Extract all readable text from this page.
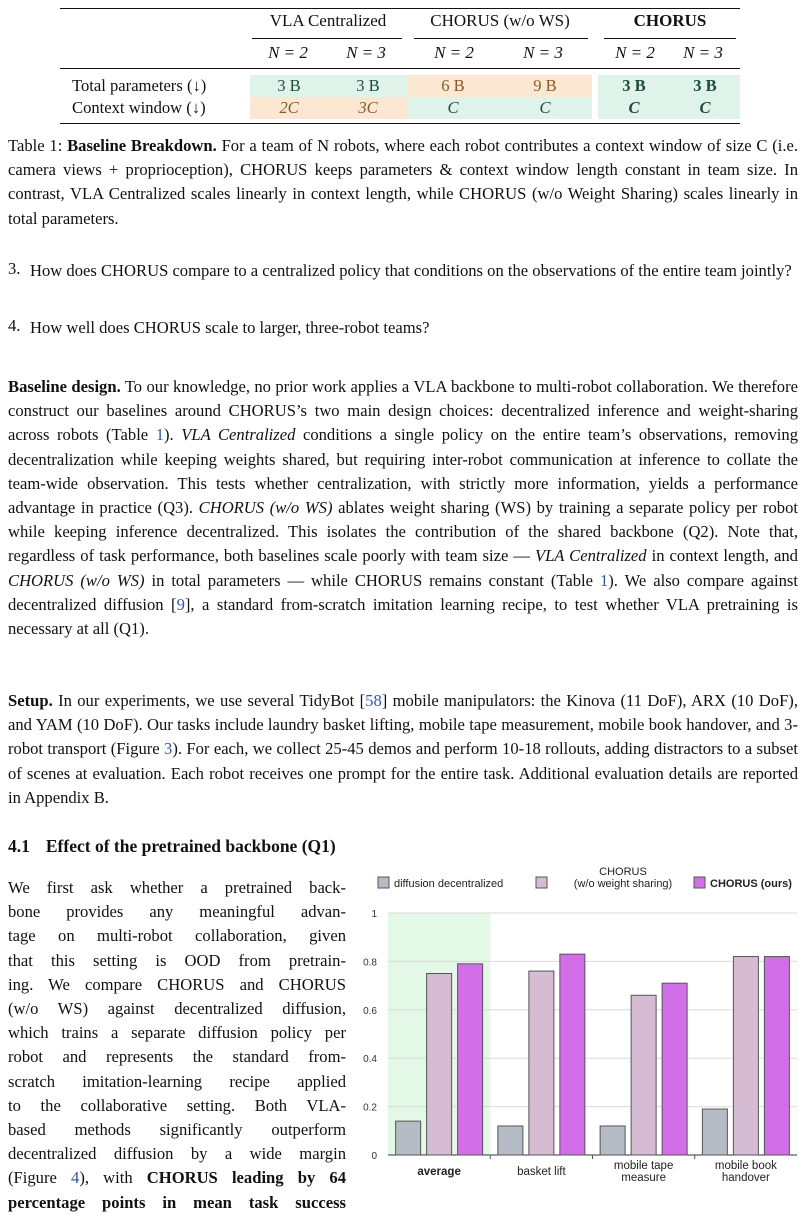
VLA Centralized	CHORUS (w/o WS)	CHORUS
N = 2	N = 3	N = 2	N = 3	N = 2	N = 3
Total parameters (↓)	3 B	3 B	6 B	9 B	3 B	3 B
Context window (↓)	2C	3C	C	C	C	C

Table 1: Baseline Breakdown. For a team of N robots, where each robot contributes a context window of size C (i.e. camera views + proprioception), CHORUS keeps parameters & context window length constant in team size. In contrast, VLA Centralized scales linearly in context length, while CHORUS (w/o Weight Sharing) scales linearly in total parameters.

3. How does CHORUS compare to a centralized policy that conditions on the observations of the entire team jointly?
4. How well does CHORUS scale to larger, three-robot teams?

Baseline design. To our knowledge, no prior work applies a VLA backbone to multi-robot collaboration. We therefore construct our baselines around CHORUS’s two main design choices: decentralized inference and weight-sharing across robots (Table 1). VLA Centralized conditions a single policy on the entire team’s observations, removing decentralization while keeping weights shared, but requiring inter-robot communication at inference to collate the team-wide observation. This tests whether centralization, with strictly more information, yields a performance advantage in practice (Q3). CHORUS (w/o WS) ablates weight sharing (WS) by training a separate policy per robot while keeping inference decentralized. This isolates the contribution of the shared backbone (Q2). Note that, regardless of task performance, both baselines scale poorly with team size — VLA Centralized in context length, and CHORUS (w/o WS) in total parameters — while CHORUS remains constant (Table 1). We also compare against decentralized diffusion [9], a standard from-scratch imitation learning recipe, to test whether VLA pretraining is necessary at all (Q1).

Setup. In our experiments, we use several TidyBot [58] mobile manipulators: the Kinova (11 DoF), ARX (10 DoF), and YAM (10 DoF). Our tasks include laundry basket lifting, mobile tape measurement, mobile book handover, and 3-robot transport (Figure 3). For each, we collect 25-45 demos and perform 10-18 rollouts, adding distractors to a subset of scenes at evaluation. Each robot receives one prompt for the entire task. Additional evaluation details are reported in Appendix B.

4.1 Effect of the pretrained backbone (Q1)
We first ask whether a pretrained back-
bone provides any meaningful advan-
tage on multi-robot collaboration, given
that this setting is OOD from pretrain-
ing. We compare CHORUS and CHORUS
(w/o WS) against decentralized diffusion,
which trains a separate diffusion policy per
robot and represents the standard from-
scratch imitation-learning recipe applied
to the collaborative setting. Both VLA-
based methods significantly outperform
decentralized diffusion by a wide margin
(Figure 4), with CHORUS leading by 64
percentage points in mean task success
0
0.2
0.4
0.6
0.8
1
average	basket lift	mobile tape
measure
mobile book
handover
diffusion decentralized
CHORUS
(w/o weight sharing)	CHORUS (ours)
